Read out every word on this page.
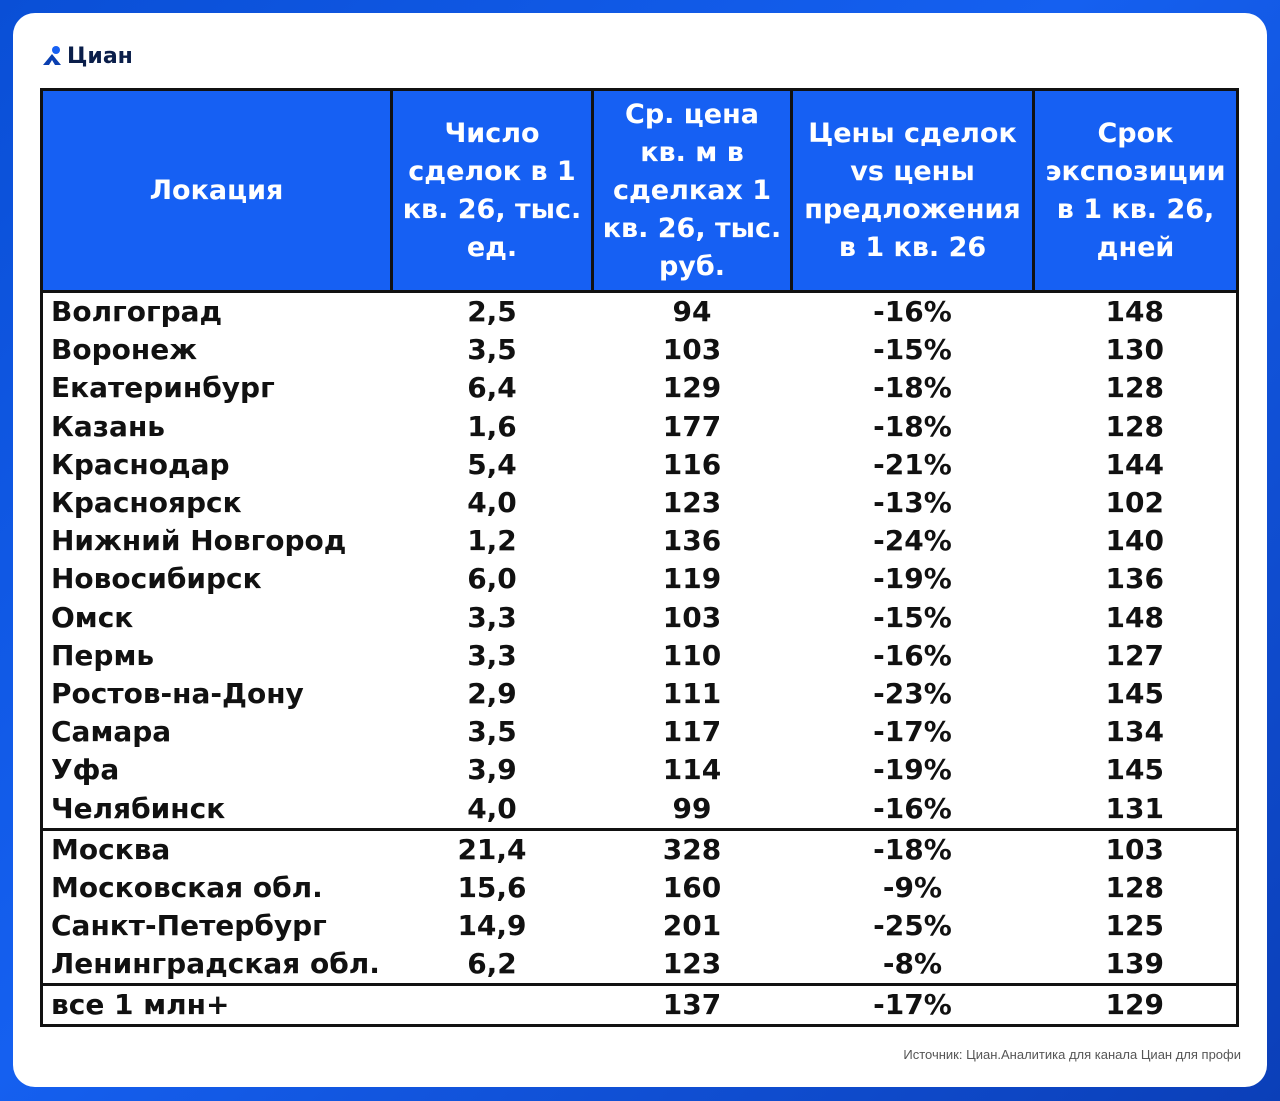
Циан
Локация	Число сделок в 1 кв. 26, тыс. ед.	Ср. цена кв. м в сделках 1 кв. 26, тыс. руб.	Цены сделок vs цены предложения в 1 кв. 26	Срок экспозиции в 1 кв. 26, дней
Волгоград	2,5	94	-16%	148
Воронеж	3,5	103	-15%	130
Екатеринбург	6,4	129	-18%	128
Казань	1,6	177	-18%	128
Краснодар	5,4	116	-21%	144
Красноярск	4,0	123	-13%	102
Нижний Новгород	1,2	136	-24%	140
Новосибирск	6,0	119	-19%	136
Омск	3,3	103	-15%	148
Пермь	3,3	110	-16%	127
Ростов-на-Дону	2,9	111	-23%	145
Самара	3,5	117	-17%	134
Уфа	3,9	114	-19%	145
Челябинск	4,0	99	-16%	131
Москва	21,4	328	-18%	103
Московская обл.	15,6	160	-9%	128
Санкт-Петербург	14,9	201	-25%	125
Ленинградская обл.	6,2	123	-8%	139
все 1 млн+		137	-17%	129
Источник: Циан.Аналитика для канала Циан для профи
